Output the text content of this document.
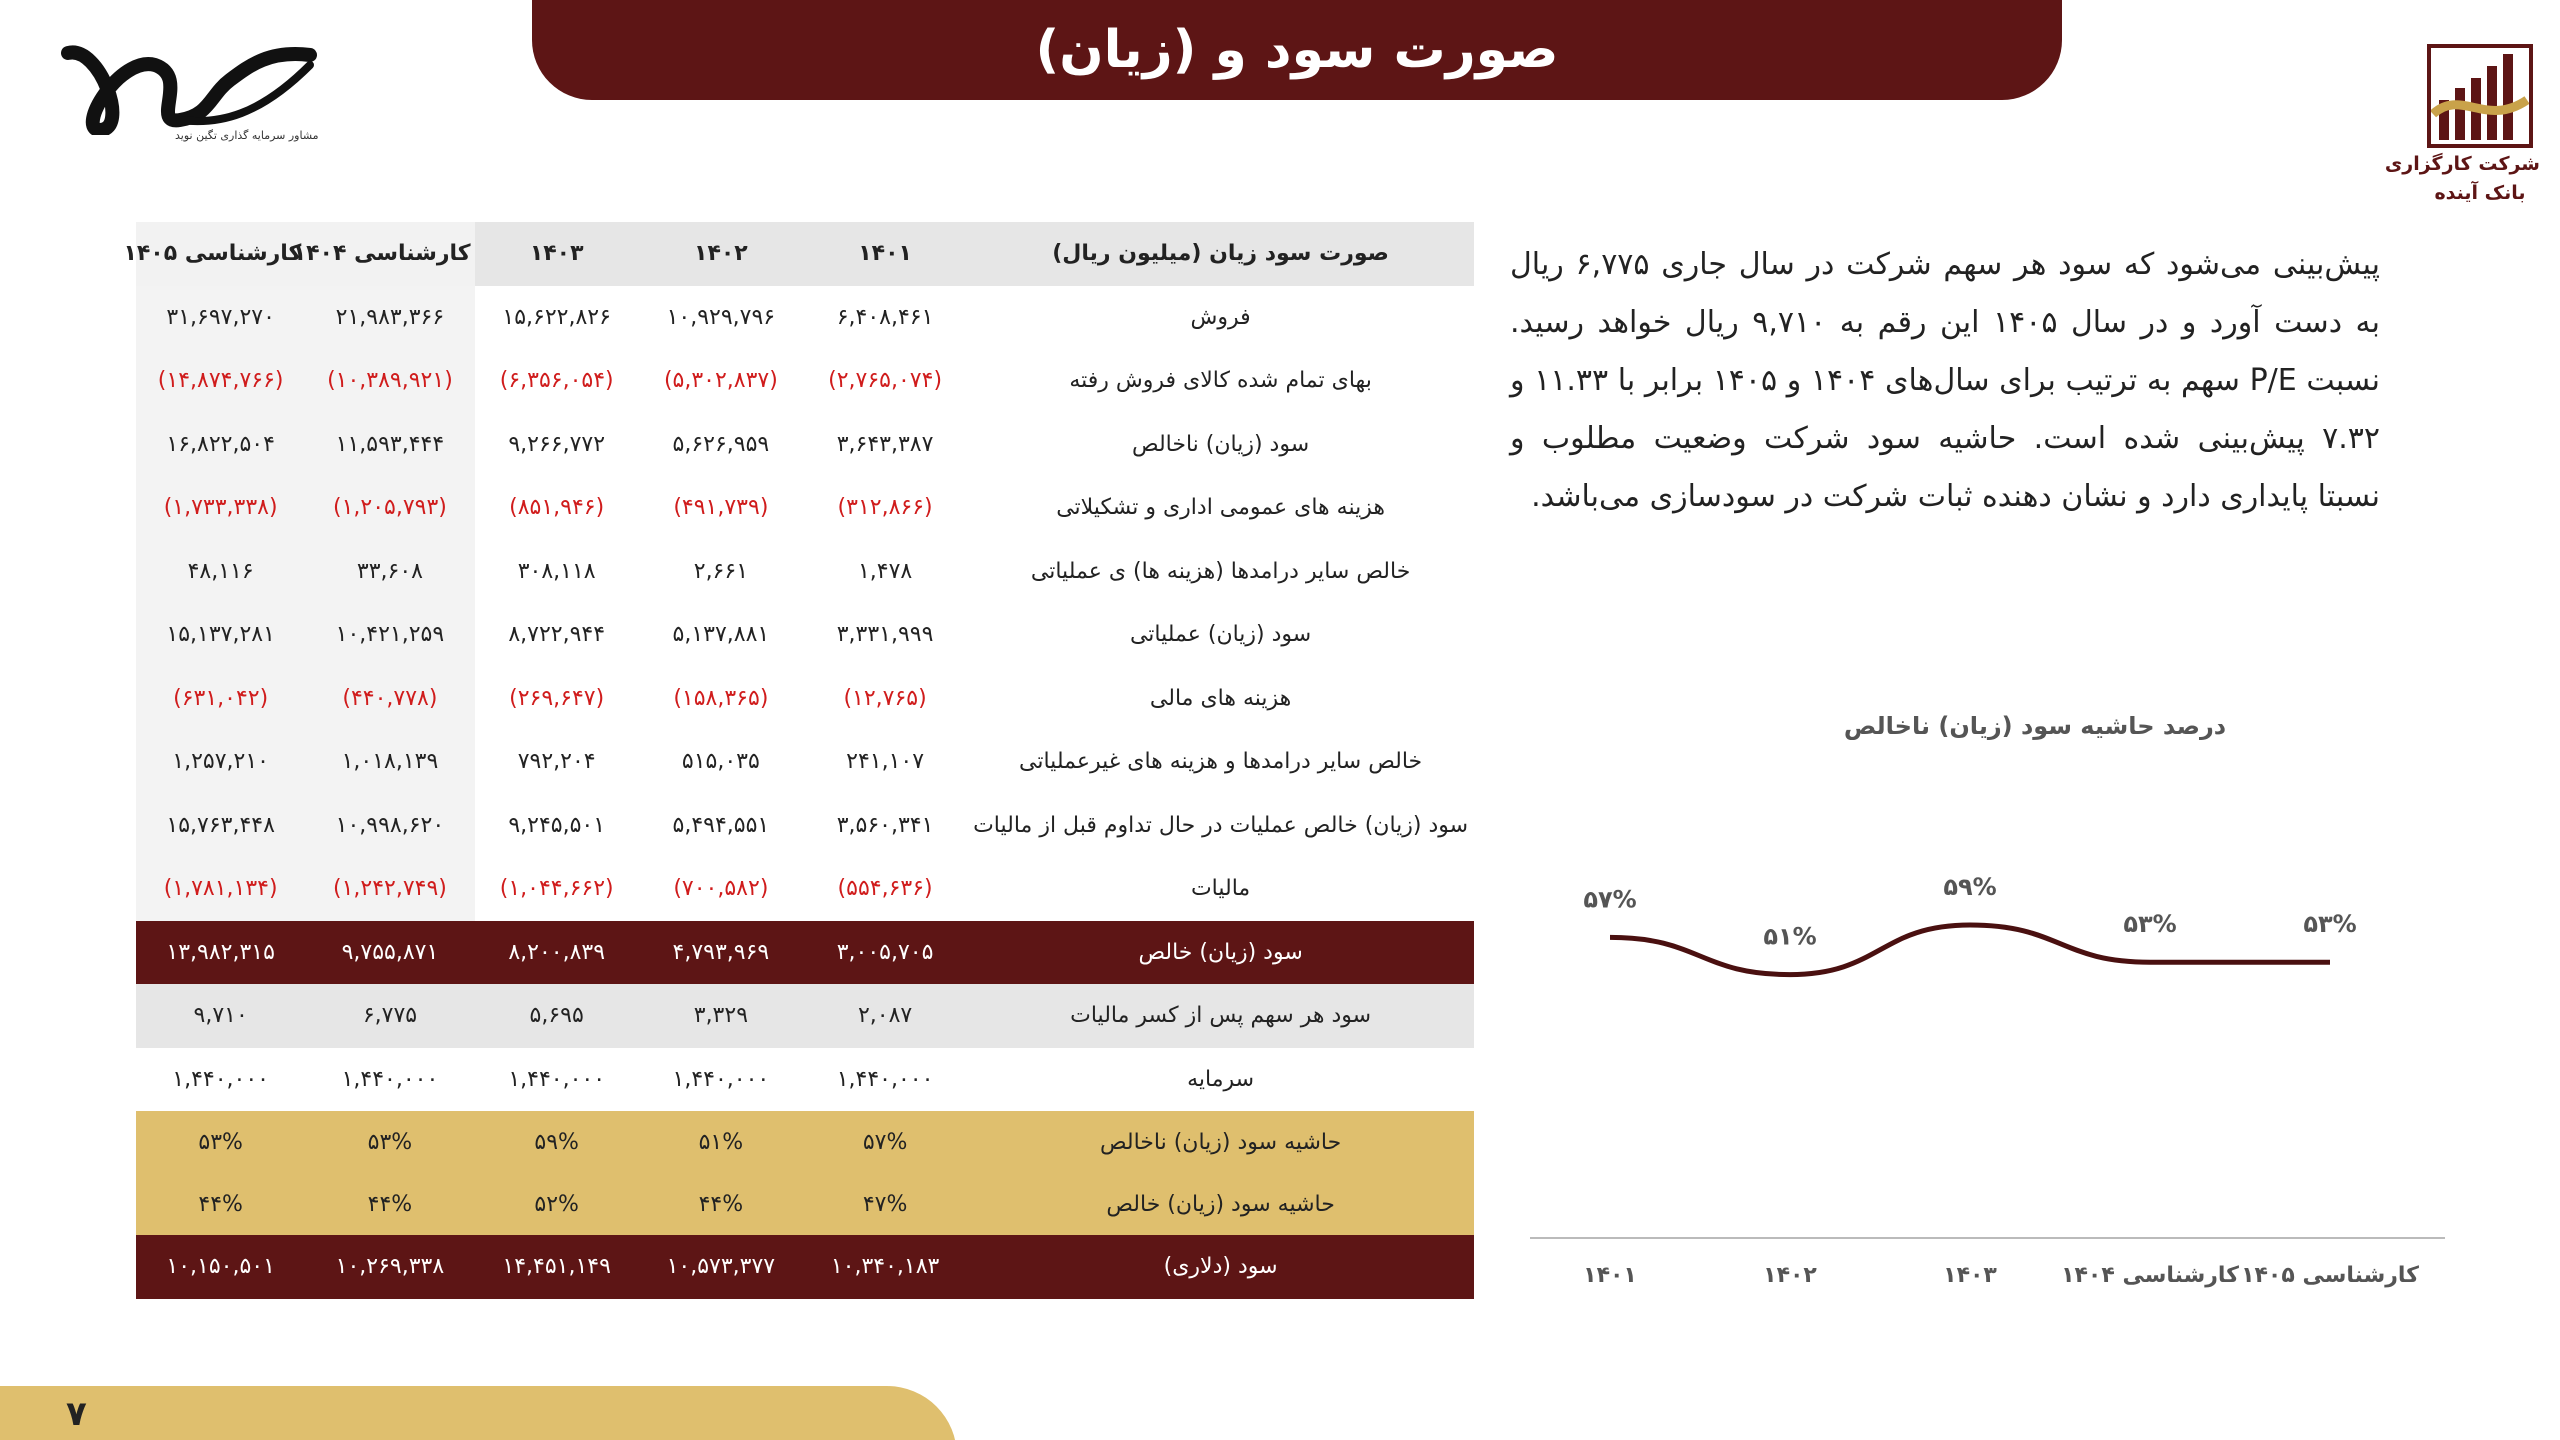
صورت سود و (زیان)
مشاور سرمایه گذاری تگین نوید
شرکت کارگزاری
بانک آینده
صورت سود زیان (میلیون ریال)	۱۴۰۱	۱۴۰۲	۱۴۰۳	کارشناسی ۱۴۰۴	کارشناسی ۱۴۰۵
فروش	۶,۴۰۸,۴۶۱	۱۰,۹۲۹,۷۹۶	۱۵,۶۲۲,۸۲۶	۲۱,۹۸۳,۳۶۶	۳۱,۶۹۷,۲۷۰
بهای تمام شده کالای فروش رفته	(۲,۷۶۵,۰۷۴)	(۵,۳۰۲,۸۳۷)	(۶,۳۵۶,۰۵۴)	(۱۰,۳۸۹,۹۲۱)	(۱۴,۸۷۴,۷۶۶)
سود (زیان) ناخالص	۳,۶۴۳,۳۸۷	۵,۶۲۶,۹۵۹	۹,۲۶۶,۷۷۲	۱۱,۵۹۳,۴۴۴	۱۶,۸۲۲,۵۰۴
هزینه های عمومی اداری و تشکیلاتی	(۳۱۲,۸۶۶)	(۴۹۱,۷۳۹)	(۸۵۱,۹۴۶)	(۱,۲۰۵,۷۹۳)	(۱,۷۳۳,۳۳۸)
خالص سایر درامدها (هزینه ها) ی عملیاتی	۱,۴۷۸	۲,۶۶۱	۳۰۸,۱۱۸	۳۳,۶۰۸	۴۸,۱۱۶
سود (زیان) عملیاتی	۳,۳۳۱,۹۹۹	۵,۱۳۷,۸۸۱	۸,۷۲۲,۹۴۴	۱۰,۴۲۱,۲۵۹	۱۵,۱۳۷,۲۸۱
هزینه های مالی	(۱۲,۷۶۵)	(۱۵۸,۳۶۵)	(۲۶۹,۶۴۷)	(۴۴۰,۷۷۸)	(۶۳۱,۰۴۲)
خالص سایر درامدها و هزینه های غیرعملیاتی	۲۴۱,۱۰۷	۵۱۵,۰۳۵	۷۹۲,۲۰۴	۱,۰۱۸,۱۳۹	۱,۲۵۷,۲۱۰
سود (زیان) خالص عملیات در حال تداوم قبل از مالیات	۳,۵۶۰,۳۴۱	۵,۴۹۴,۵۵۱	۹,۲۴۵,۵۰۱	۱۰,۹۹۸,۶۲۰	۱۵,۷۶۳,۴۴۸
مالیات	(۵۵۴,۶۳۶)	(۷۰۰,۵۸۲)	(۱,۰۴۴,۶۶۲)	(۱,۲۴۲,۷۴۹)	(۱,۷۸۱,۱۳۴)
سود (زیان) خالص	۳,۰۰۵,۷۰۵	۴,۷۹۳,۹۶۹	۸,۲۰۰,۸۳۹	۹,۷۵۵,۸۷۱	۱۳,۹۸۲,۳۱۵
سود هر سهم پس از کسر مالیات	۲,۰۸۷	۳,۳۲۹	۵,۶۹۵	۶,۷۷۵	۹,۷۱۰
سرمایه	۱,۴۴۰,۰۰۰	۱,۴۴۰,۰۰۰	۱,۴۴۰,۰۰۰	۱,۴۴۰,۰۰۰	۱,۴۴۰,۰۰۰
حاشیه سود (زیان) ناخالص	۵۷%	۵۱%	۵۹%	۵۳%	۵۳%
حاشیه سود (زیان) خالص	۴۷%	۴۴%	۵۲%	۴۴%	۴۴%
سود (دلاری)	۱۰,۳۴۰,۱۸۳	۱۰,۵۷۳,۳۷۷	۱۴,۴۵۱,۱۴۹	۱۰,۲۶۹,۳۳۸	۱۰,۱۵۰,۵۰۱
پیش‌بینی می‌شود که سود هر سهم شرکت در سال جاری ۶,۷۷۵ ریال به دست آورد و در سال ۱۴۰۵ این رقم به ۹,۷۱۰ ریال خواهد رسید. نسبت P/E سهم به ترتیب برای سال‌های ۱۴۰۴ و ۱۴۰۵ برابر با ۱۱.۳۳ و ۷.۳۲ پیش‌بینی شده است. حاشیه سود شرکت وضعیت مطلوب و نسبتا پایداری دارد و نشان دهنده ثبات شرکت در سودسازی می‌باشد.
درصد حاشیه سود (زیان) ناخالص
۵۷%
۵۱%
۵۹%
۵۳%	۵۳%
۱۴۰۱	۱۴۰۲	۱۴۰۳	کارشناسی ۱۴۰۴ کارشناسی ۱۴۰۵
۷
